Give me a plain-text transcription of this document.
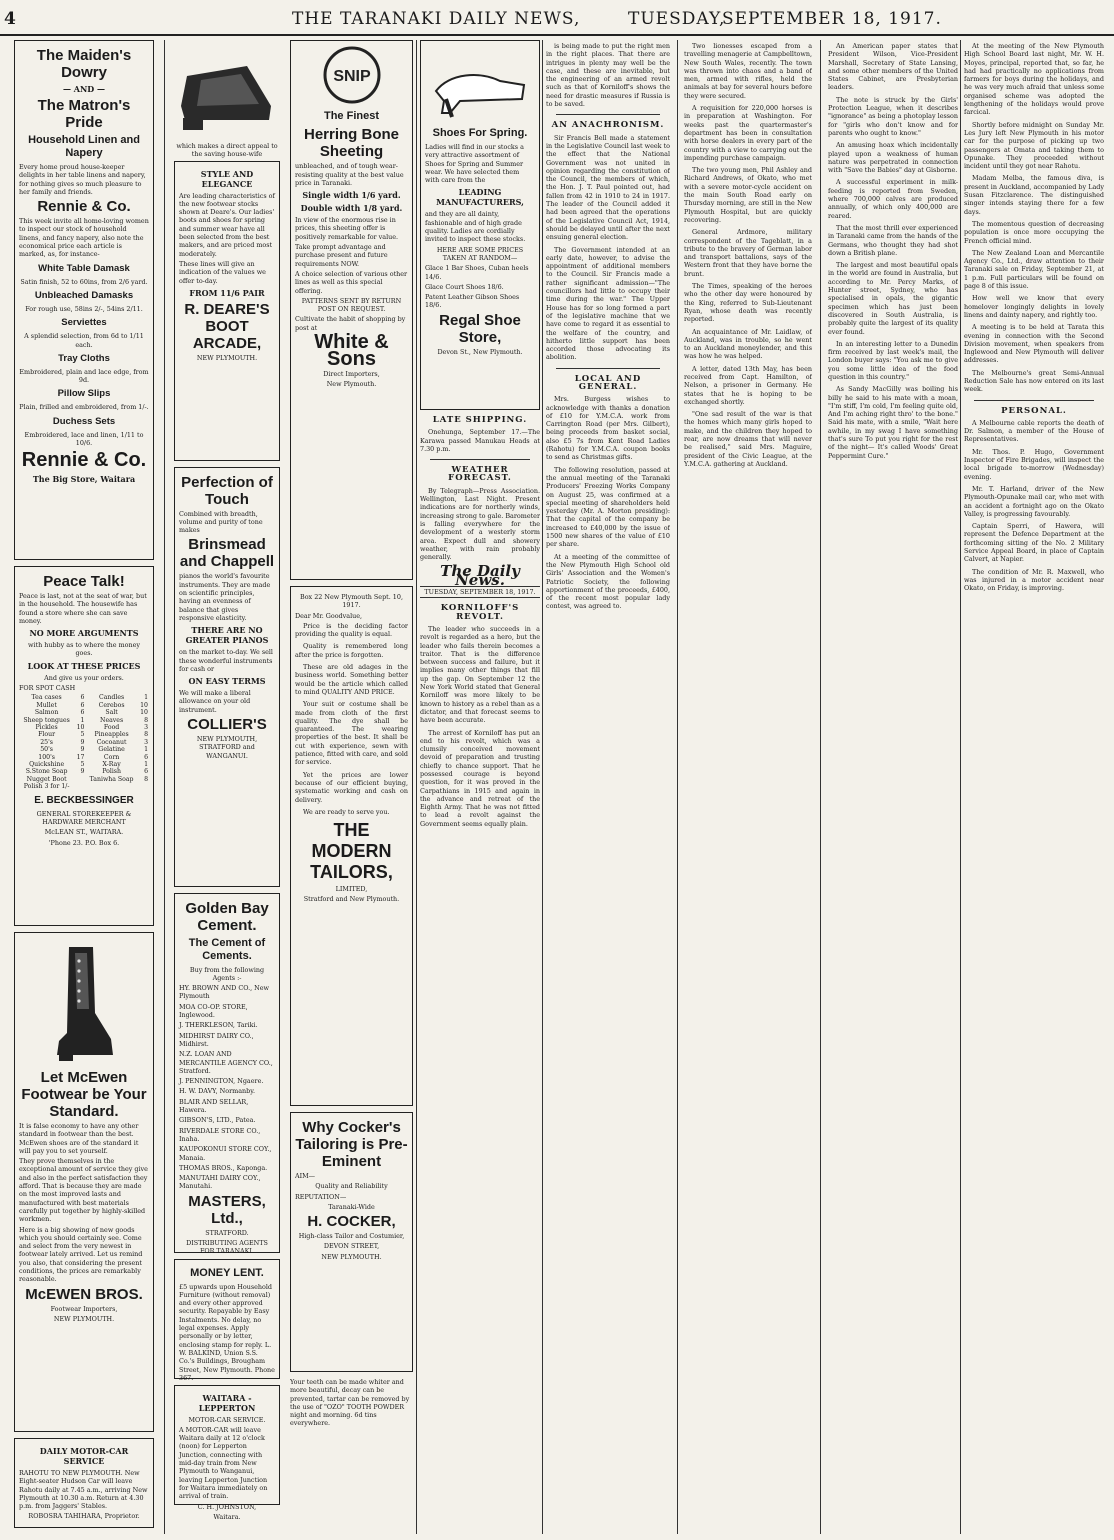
4	THE TARANAKI DAILY NEWS,	TUESDAY,
SEPTEMBER 18, 1917.
The Maiden's Dowry
— AND —
The Matron's Pride
Household Linen and Napery
Every home proud house-keeper delights in her table linens and napery, for nothing gives so much pleasure to her family and friends.
Rennie & Co.
This week invite all home-loving women to inspect our stock of household linens, and fancy napery, also note the economical price each article is marked, as, for instance-
White Table Damask
Satin finish, 52 to 60ins, from 2/6 yard.
Unbleached Damasks
For rough use, 58ins 2/-, 54ins 2/11.
Serviettes
A splendid selection, from 6d to 1/11 each.
Tray Cloths
Embroidered, plain and lace edge, from 9d.
Pillow Slips
Plain, frilled and embroidered, from 1/-.
Duchess Sets
Embroidered, lace and linen, 1/11 to 10/6.
Rennie & Co.
The Big Store, Waitara
Peace Talk!
Peace is last, not at the seat of war, but in the household. The housewife has found a store where she can save money.
NO MORE ARGUMENTS
with hubby as to where the money goes.
LOOK AT THESE PRICES
And give us your orders.
FOR SPOT CASH
Tea cases	6	Candles	1
Mullet	6	Cerebos	10
Salmon	6	Salt	10
Sheep tongues	1	Neaves	8
Pickles	10	Food	3
Flour	5	Pineapples	8
25's	9	Cocoanut	3
50's	9	Gelatine	1
100's	17	Corn	6
Quickshine	5	X-Ray	1
S.Stone Soap	9	Polish	6
Nugget Boot		Taniwha Soap	8
Polish 3 for 1/-			
E. BECKBESSINGER
GENERAL STOREKEEPER & HARDWARE MERCHANT
McLEAN ST., WAITARA.
'Phone 23. P.O. Box 6.
Let McEwen Footwear be Your Standard.
It is false economy to have any other standard in footwear than the best. McEwen shoes are of the standard it will pay you to set yourself.
They prove themselves in the exceptional amount of service they give and also in the perfect satisfaction they afford. That is because they are made on the most improved lasts and manufactured with best materials carefully put together by highly-skilled workmen.
Here is a big showing of new goods which you should certainly see. Come and select from the very newest in footwear lately arrived. Let us remind you also, that considering the present conditions, the prices are remarkably reasonable.
McEWEN BROS.
Footwear Importers,
NEW PLYMOUTH.
DAILY MOTOR-CAR SERVICE
RAHOTU TO NEW PLYMOUTH. New Eight-seater Hudson Car will leave Rahotu daily at 7.45 a.m., arriving New Plymouth at 10.30 a.m. Return at 4.30 p.m. from Jaggers' Stables.
ROBOSRA TAHIHARA, Proprietor.
which makes a direct appeal to the saving house-wife
STYLE AND ELEGANCE
Are leading characteristics of the new footwear stocks shown at Deare's. Our ladies' boots and shoes for spring and summer wear have all been selected from the best makers, and are priced most moderately.
These lines will give an indication of the values we offer to-day.
FROM 11/6 PAIR
R. DEARE'S BOOT ARCADE,
NEW PLYMOUTH.
Perfection of Touch
Combined with breadth, volume and purity of tone makes
Brinsmead and Chappell
pianos the world's favourite instruments. They are made on scientific principles, having an evenness of balance that gives responsive elasticity.
THERE ARE NO GREATER PIANOS
on the market to-day. We sell these wonderful instruments for cash or
ON EASY TERMS
We will make a liberal allowance on your old instrument.
COLLIER'S
NEW PLYMOUTH, STRATFORD and WANGANUI.
Golden Bay Cement.
The Cement of Cements.
Buy from the following Agents :-
HY. BROWN AND CO., New Plymouth
MOA CO-OP. STORE, Inglewood.
J. THERKLESON, Tariki.
MIDHIRST DAIRY CO., Midhirst.
N.Z. LOAN AND MERCANTILE AGENCY CO., Stratford.
J. PENNINGTON, Ngaere.
H. W. DAVY, Normanby.
BLAIR AND SELLAR, Hawera.
GIBSON'S, LTD., Patea.
RIVERDALE STORE CO., Inaha.
KAUPOKONUI STORE COY., Manaia.
THOMAS BROS., Kaponga.
MANUTAHI DAIRY COY., Manutahi.
MASTERS, Ltd.,
STRATFORD.
DISTRIBUTING AGENTS FOR TARANAKI.
MONEY LENT.
£5 upwards upon Household Furniture (without removal) and every other approved security. Repayable by Easy Instalments. No delay, no legal expenses. Apply personally or by letter, enclosing stamp for reply. L. W. BALKIND, Union S.S. Co.'s Buildings, Brougham Street, New Plymouth. Phone 367.
WAITARA - LEPPERTON
MOTOR-CAR SERVICE.
A MOTOR-CAR will leave Waitara daily at 12 o'clock (noon) for Lepperton Junction, connecting with mid-day train from New Plymouth to Wanganui, leaving Lepperton Junction for Waitara immediately on arrival of train.
C. H. JOHNSTON,
Waitara.
SNIP
The Finest
Herring Bone Sheeting
unbleached, and of tough wear-resisting quality at the best value price in Taranaki.
Single width 1/6 yard.
Double width 1/8 yard.
In view of the enormous rise in prices, this sheeting offer is positively remarkable for value.
Take prompt advantage and purchase present and future requirements NOW.
A choice selection of various other lines as well as this special offering.
PATTERNS SENT BY RETURN POST ON REQUEST.
Cultivate the habit of shopping by post at
White & Sons
Direct Importers,
New Plymouth.
Box 22 New Plymouth Sept. 10, 1917.
Dear Mr. Goodvalue,
Price is the deciding factor providing the quality is equal.
Quality is remembered long after the price is forgotten.
These are old adages in the business world. Something better would be the article which called to mind QUALITY AND PRICE.
Your suit or costume shall be made from cloth of the first quality. The dye shall be guaranteed. The wearing properties of the best. It shall be cut with experience, sewn with patience, fitted with care, and sold for service.
Yet the prices are lower because of our efficient buying, systematic working and cash on delivery.
We are ready to serve you.
THE MODERN TAILORS,
LIMITED,
Stratford and New Plymouth.
Why Cocker's Tailoring is Pre-Eminent
AIM—
Quality and Reliability
REPUTATION—
Taranaki-Wide
H. COCKER,
High-class Tailor and Costumier,
DEVON STREET,
NEW PLYMOUTH.
Your teeth can be made whiter and more beautiful, decay can be prevented, tartar can be removed by the use of "OZO" TOOTH POWDER night and morning. 6d tins everywhere.
Shoes For Spring.
Ladies will find in our stocks a very attractive assortment of Shoes for Spring and Summer wear. We have selected them with care from the
LEADING MANUFACTURERS,
and they are all dainty, fashionable and of high grade quality. Ladies are cordially invited to inspect these stocks.
HERE ARE SOME PRICES TAKEN AT RANDOM—
Glace 1 Bar Shoes, Cuban heels 14/6.
Glace Court Shoes 18/6.
Patent Leather Gibson Shoes 18/6.
Regal Shoe Store,
Devon St., New Plymouth.
LATE SHIPPING.
Onehunga, September 17.—The Karawa passed Manukau Heads at 7.30 p.m.
WEATHER FORECAST.
By Telegraph—Press Association. Wellington, Last Night. Present indications are for northerly winds, increasing strong to gale. Barometer is falling everywhere for the development of a westerly storm area. Expect dull and showery weather, with rain probably generally.
The Daily News.
TUESDAY, SEPTEMBER 18, 1917.
KORNILOFF'S REVOLT.
The leader who succeeds in a revolt is regarded as a hero, but the leader who fails therein becomes a traitor. That is the difference between success and failure, but it implies many other things that fill up the gap. On September 12 the New York World stated that General Korniloff was more likely to be known to history as a rebel than as a dictator, and that forecast seems to have been accurate.
The arrest of Korniloff has put an end to his revolt, which was a clumsily conceived movement devoid of preparation and trusting chiefly to chance support. That he possessed courage is beyond question, for it was proved in the Carpathians in 1915 and again in the advance and retreat of the Eighth Army. That he was not fitted to lead a revolt against the Government seems equally plain.
is being made to put the right men in the right places. That there are intrigues in plenty may well be the case, and these are inevitable, but the engineering of an armed revolt such as that of Korniloff's shows the need for drastic measures if Russia is to be saved.
AN ANACHRONISM.
Sir Francis Bell made a statement in the Legislative Council last week to the effect that the National Government was not united in opinion regarding the constitution of the Council, the members of which, the Hon. J. T. Paul pointed out, had fallen from 42 in 1910 to 24 in 1917. The leader of the Council added it had been agreed that the operations of the Legislative Council Act, 1914, should be delayed until after the next ensuing general election.
The Government intended at an early date, however, to advise the appointment of additional members to the Council. Sir Francis made a rather significant admission—"The councillors had little to occupy their time during the war." The Upper House has for so long formed a part of the legislative machine that we have come to regard it as essential to the welfare of the country, and hitherto little support has been accorded those advocating its abolition.
LOCAL AND GENERAL.
Mrs. Burgess wishes to acknowledge with thanks a donation of £10 for Y.M.C.A. work from Carrington Road (per Mrs. Gilbert), being proceeds from basket social, also £5 7s from Kent Road Ladies (Rahotu) for Y.M.C.A. coupon books to send as Christmas gifts.
The following resolution, passed at the annual meeting of the Taranaki Producers' Freezing Works Company on August 25, was confirmed at a special meeting of shareholders held yesterday (Mr. A. Morton presiding): That the capital of the company be increased to £40,000 by the issue of 1500 new shares of the value of £10 per share.
At a meeting of the committee of the New Plymouth High School old Girls' Association and the Women's Patriotic Society, the following apportionment of the proceeds, £400, of the recent most popular lady contest, was agreed to.
Two lionesses escaped from a travelling menagerie at Campbelltown, New South Wales, recently. The town was thrown into chaos and a band of men, armed with rifles, held the animals at bay for several hours before they were secured.
A requisition for 220,000 horses is in preparation at Washington. For weeks past the quartermaster's department has been in consultation with horse dealers in every part of the country with a view to carrying out the impending purchase campaign.
The two young men, Phil Ashley and Richard Andrews, of Okato, who met with a severe motor-cycle accident on the main South Road early on Thursday morning, are still in the New Plymouth Hospital, but are quickly recovering.
General Ardmore, military correspondent of the Tageblatt, in a tribute to the bravery of German labor and transport battalions, says of the Western front that they have borne the brunt.
The Times, speaking of the heroes who the other day were honoured by the King, referred to Sub-Lieutenant Ryan, whose death was recently reported.
An acquaintance of Mr. Laidlaw, of Auckland, was in trouble, so he went to an Auckland moneylender, and this was how he was helped.
A letter, dated 13th May, has been received from Capt. Hamilton, of Nelson, a prisoner in Germany. He states that he is hoping to be exchanged shortly.
"One sad result of the war is that the homes which many girls hoped to make, and the children they hoped to rear, are now dreams that will never be realised," said Mrs. Maguire, president of the Civic League, at the Y.M.C.A. gathering at Auckland.
An American paper states that President Wilson, Vice-President Marshall, Secretary of State Lansing, and some other members of the United States Cabinet, are Presbyterian leaders.
The note is struck by the Girls' Protection League, when it describes "ignorance" as being a photoplay lesson for "girls who don't know and for parents who ought to know."
An amusing hoax which incidentally played upon a weakness of human nature was perpetrated in connection with "Save the Babies" day at Gisborne.
A successful experiment in milk-feeding is reported from Sweden, where 700,000 calves are produced annually, of which only 400,000 are reared.
That the most thrill ever experienced in Taranaki came from the hands of the Germans, who thought they had shot down a British plane.
The largest and most beautiful opals in the world are found in Australia, but according to Mr. Percy Marks, of Hunter street, Sydney, who has specialised in opals, the gigantic specimen which has just been discovered in South Australia, is probably quite the largest of its quality ever found.
In an interesting letter to a Dunedin firm received by last week's mail, the London buyer says: "You ask me to give you some little idea of the food question in this country."
As Sandy MacGilly was boiling his billy he said to his mate with a moan, "I'm stiff, I'm cold, I'm feeling quite old, And I'm aching right thro' to the bone." Said his mate, with a smile, "Wait here awhile, in my swag I have something that's sure To put you right for the rest of the night— It's called Woods' Great Peppermint Cure."
At the meeting of the New Plymouth High School Board last night, Mr. W. H. Moyes, principal, reported that, so far, he had had practically no applications from farmers for boys during the holidays, and he was very much afraid that unless some organised scheme was adopted the lengthening of the holidays would prove farcical.
Shortly before midnight on Sunday Mr. Les Jury left New Plymouth in his motor car for the purpose of picking up two passengers at Omata and taking them to Opunake. They proceeded without incident until they got near Rahotu.
Madam Melba, the famous diva, is present in Auckland, accompanied by Lady Susan Fitzclarence. The distinguished singer intends staying there for a few days.
The momentous question of decreasing population is once more occupying the French official mind.
The New Zealand Loan and Mercantile Agency Co., Ltd., draw attention to their Taranaki sale on Friday, September 21, at 1 p.m. Full particulars will be found on page 8 of this issue.
How well we know that every homelover longingly delights in lovely linens and dainty napery, and rightly too.
A meeting is to be held at Tarata this evening in connection with the Second Division movement, when speakers from Inglewood and New Plymouth will deliver addresses.
The Melbourne's great Semi-Annual Reduction Sale has now entered on its last week.
PERSONAL.
A Melbourne cable reports the death of Dr. Salmon, a member of the House of Representatives.
Mr. Thos. P. Hugo, Government Inspector of Fire Brigades, will inspect the local brigade to-morrow (Wednesday) evening.
Mr. T. Harland, driver of the New Plymouth-Opunake mail car, who met with an accident a fortnight ago on the Okato Valley, is progressing favourably.
Captain Sperri, of Hawera, will represent the Defence Department at the forthcoming sitting of the No. 2 Military Service Appeal Board, in place of Captain Calvert, at Napier.
The condition of Mr. R. Maxwell, who was injured in a motor accident near Okato, on Friday, is improving.
